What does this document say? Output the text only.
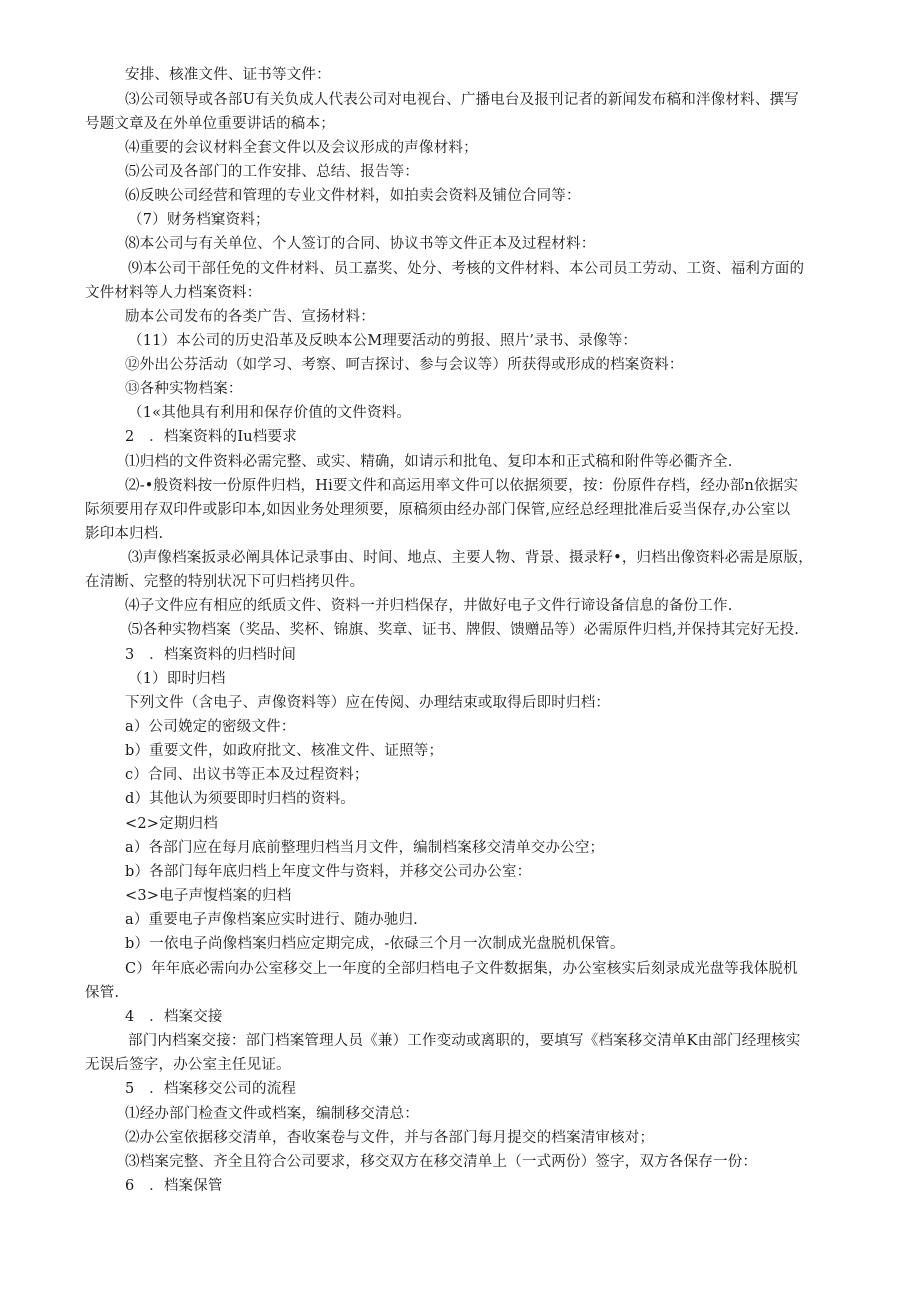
安排、核准文件、证书等文件：
⑶公司领导或各部U有关负成人代表公司对电视台、广播电台及报刊记者的新闻发布稿和泮像材料、撰写
号题文章及在外单位重要讲话的稿本；
⑷重要的会议材料全套文件以及会议形成的声像材料；
⑸公司及各部门的工作安排、总结、报告等：
⑹反映公司经营和管理的专业文件材料，如拍卖会资料及铺位合同等：
（7）财务档窠资料；
⑻本公司与有关单位、个人签订的合同、协议书等文件正本及过程材料：
⑼本公司干部任免的文件材料、员工嘉奖、处分、考核的文件材料、本公司员工劳动、工资、福利方面的
文件材料等人力档案资料：
励本公司发布的各类广告、宣扬材料：
（11）本公司的历史沿革及反映本公M理要活动的剪报、照片’录书、录像等：
⑫外出公芬活动（如学习、考察、呵吉探讨、参与会议等）所获得或形成的档案资料：
⑬各种实物档案：
（1«其他具有利用和保存价值的文件资料。
2　．档案资料的Iu档要求
⑴归档的文件资料必需完整、或实、精确，如请示和批龟、复印本和正式稿和附件等必衢齐全.
⑵-•般资料按一份原件归档，Hi要文件和高运用率文件可以依据须要，按：份原件存档，经办部n依据实
际须要用存双印件或影印本,如因业务处理须要，原稿须由经办部门保管,应经总经理批准后妥当保存,办公室以
影印本归档.
⑶声像档案扳录必阐具体记录事由、时间、地点、主要人物、背景、摄录籽•，归档出像资料必需是原版，
在清断、完整的特别状况下可归档拷贝件。
⑷子文件应有相应的纸质文件、资料一并归档保存，井做好电子文件行谛设备信息的备份工作.
⑸各种实物档案（奖品、奖杯、锦旗、奖章、证书、牌假、馈赠品等）必需原件归档,并保持其完好无投.
3　．档案资料的归档时间
（1）即时归档
下列文件（含电子、声像资料等）应在传阅、办理结束或取得后即时归档：
a）公司娩定的密级文件：
b）重要文件，如政府批文、核准文件、证照等；
c）合同、出议书等正本及过程资料；
d）其他认为须要即时归档的资料。
<2>定期归档
a）各部门应在每月底前整理归档当月文件，编制档案移交清单交办公空；
b）各部门每年底归档上年度文件与资料，并移交公司办公室：
<3>电子声愎档案的归档
a）重要电子声像档案应实时进行、随办驰归.
b）一依电子尚像档案归档应定期完成，-依碌三个月一次制成光盘脱机保管。
C）年年底必需向办公室移交上一年度的全部归档电子文件数据集，办公室核实后刻录成光盘等我体脱机
保管.
4　．档案交接
部门内档案交接：部门档案管理人员《兼）工作变动或离职的，要填写《档案移交清单K由部门经理核实
无误后签字，办公室主任见证。
5　．档案移交公司的流程
⑴经办部门检查文件或档案，编制移交清总：
⑵办公室依据移交清单，杳收案卷与文件，并与各部门每月提交的档案清审核对；
⑶档案完整、齐全且符合公司要求，移交双方在移交清单上（一式两份）签字，双方各保存一份：
6　．档案保管
